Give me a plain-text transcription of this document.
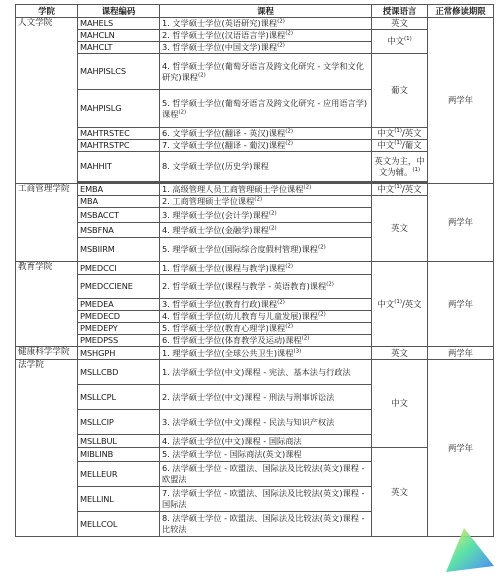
学院	课程编码	课程	授课语言	正常修读期限
人文学院	MAHELS	1. 文学硕士学位(英语研究)课程$^{(2)}$	英文	两学年
	MAHCLN	2. 哲学硕士学位(汉语语言学)课程$^{(2)}$	中文$^{(1)}$
	MAHCLT	3. 哲学硕士学位(中国文学)课程$^{(2)}$
	MAHPISLCS	4. 哲学硕士学位(葡萄牙语言及跨文化研究 - 文学和文化研究)课程$^{(2)}$	葡文	
	MAHPISLG	5. 哲学硕士学位(葡萄牙语言及跨文化研究 - 应用语言学)课程$^{(2)}$
	MAHTRSTEC	6. 文学硕士学位(翻译 - 英汉)课程$^{(2)}$	中文$^{(1)}$/英文	
	MAHTRSTPC	7. 文学硕士学位(翻译 - 葡汉)课程$^{(2)}$	中文$^{(1)}$/葡文	
	MAHHIT	8. 文学硕士学位(历史学)课程	英文为主，中文为辅。$^{(1)}$

工商管理学院	EMBA	1. 高级管理人员工商管理硕士学位课程$^{(2)}$	中文$^{(1)}$/英文	两学年
	MBA	2. 工商管理硕士学位课程$^{(2)}$	英文	
	MSBACCT	3. 理学硕士学位(会计学)课程$^{(2)}$
	MSBFNA	4. 理学硕士学位(金融学)课程$^{(2)}$
	MSBIIRM	5. 理学硕士学位(国际综合度假村管理)课程$^{(2)}$
教育学院	PMEDCCI	1. 哲学硕士学位(课程与教学)课程$^{(2)}$	中文$^{(1)}$/英文	两学年
	PMEDCCIENE	2. 哲学硕士学位(课程与教学 - 英语教育)课程$^{(2)}$
	PMEDEA	3. 哲学硕士学位(教育行政)课程$^{(2)}$
	PMEDECD	4. 哲学硕士学位(幼儿教育与儿童发展)课程$^{(2)}$
	PMEDEPY	5. 哲学硕士学位(教育心理学)课程$^{(2)}$
	PMEDPSS	6. 哲学硕士学位(体育教学及运动)课程$^{(2)}$
健康科学学院	MSHGPH	1. 理学硕士学位(全球公共卫生)课程$^{(3)}$	英文	两学年
法学院	MSLLCBD	1. 法学硕士学位(中文)课程 - 宪法、基本法与行政法	中文	两学年
	MSLLCPL	2. 法学硕士学位(中文)课程 - 刑法与刑事诉讼法		
	MSLLCIP	3. 法学硕士学位(中文)课程 - 民法与知识产权法		
	MSLLBUL	4. 法学硕士学位(中文)课程 - 国际商法		
	MIBLINB	5. 法学硕士学位 - 国际商法(英文)课程	英文	
	MELLEUR	6. 法学硕士学位 - 欧盟法、国际法及比较法(英文)课程 - 欧盟法		
	MELLINL	7. 法学硕士学位 - 欧盟法、国际法及比较法(英文)课程 - 国际法		
	MELLCOL	8. 法学硕士学位 - 欧盟法、国际法及比较法(英文)课程 - 比较法		
